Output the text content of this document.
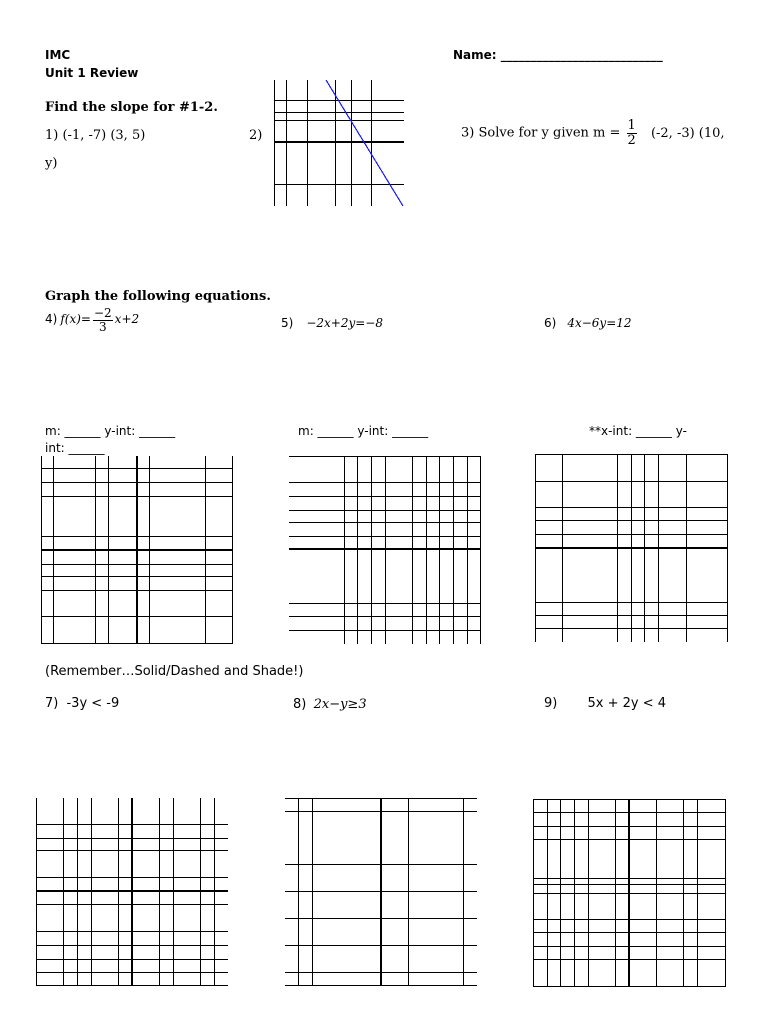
IMC
Unit 1 Review
Name: ___________________________
Find the slope for #1-2.
1) (-1, -7) (3, 5)	2)	3) Solve for y given $m = \frac{1}{2} (-2$, -3) (10,
y)
Graph the following equations.
4) $f(x)= \frac{-2}{3} x+2$	5) −2x+2y=−8	6) 4x−6y=12
m: ______ y-int: ______
int: ______
m: ______ y-int: ______	**x-int: ______ y-
(Remember…Solid/Dashed and Shade!)
7) -3y < -9	8) 2x−y≥3	9) 5x + 2y < 4
